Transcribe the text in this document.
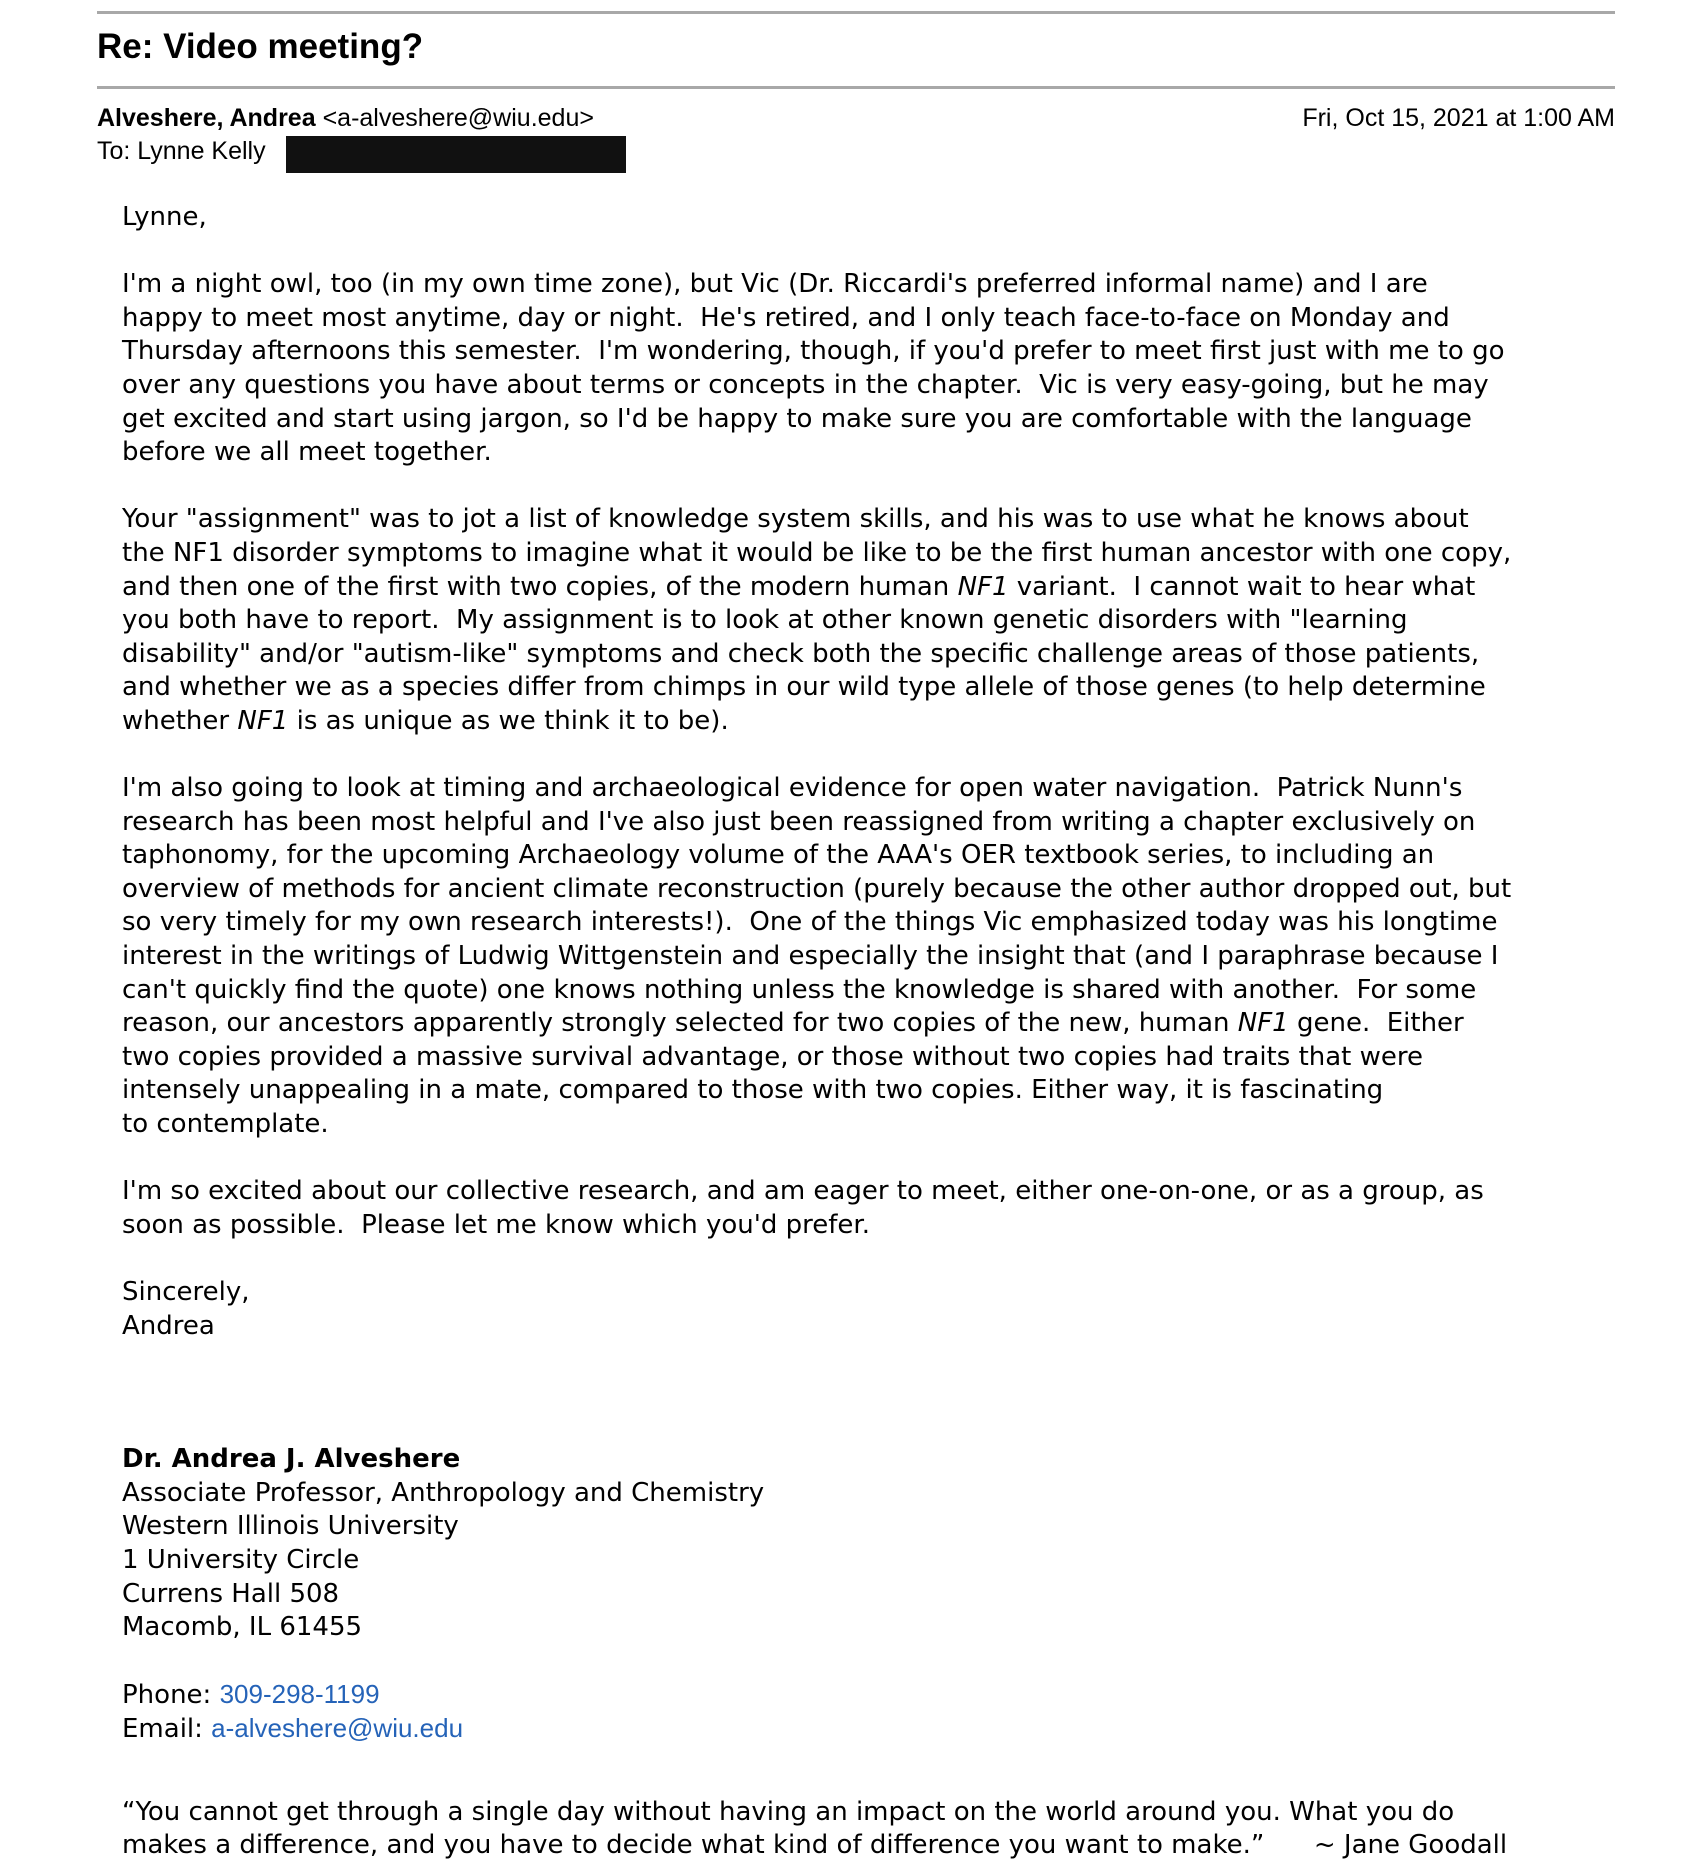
Re: Video meeting?
Alveshere, Andrea <a-alveshere@wiu.edu>	Fri, Oct 15, 2021 at 1:00 AM
To: Lynne Kelly
Lynne,
I'm a night owl, too (in my own time zone), but Vic (Dr. Riccardi's preferred informal name) and I are
happy to meet most anytime, day or night.  He's retired, and I only teach face-to-face on Monday and
Thursday afternoons this semester.  I'm wondering, though, if you'd prefer to meet first just with me to go
over any questions you have about terms or concepts in the chapter.  Vic is very easy-going, but he may
get excited and start using jargon, so I'd be happy to make sure you are comfortable with the language
before we all meet together.
Your "assignment" was to jot a list of knowledge system skills, and his was to use what he knows about
the NF1 disorder symptoms to imagine what it would be like to be the first human ancestor with one copy,
and then one of the first with two copies, of the modern human NF1 variant.  I cannot wait to hear what
you both have to report.  My assignment is to look at other known genetic disorders with "learning
disability" and/or "autism-like" symptoms and check both the specific challenge areas of those patients,
and whether we as a species differ from chimps in our wild type allele of those genes (to help determine
whether NF1 is as unique as we think it to be).
I'm also going to look at timing and archaeological evidence for open water navigation.  Patrick Nunn's
research has been most helpful and I've also just been reassigned from writing a chapter exclusively on
taphonomy, for the upcoming Archaeology volume of the AAA's OER textbook series, to including an
overview of methods for ancient climate reconstruction (purely because the other author dropped out, but
so very timely for my own research interests!).  One of the things Vic emphasized today was his longtime
interest in the writings of Ludwig Wittgenstein and especially the insight that (and I paraphrase because I
can't quickly find the quote) one knows nothing unless the knowledge is shared with another.  For some
reason, our ancestors apparently strongly selected for two copies of the new, human NF1 gene.  Either
two copies provided a massive survival advantage, or those without two copies had traits that were
intensely unappealing in a mate, compared to those with two copies. Either way, it is fascinating
to contemplate.
I'm so excited about our collective research, and am eager to meet, either one-on-one, or as a group, as
soon as possible.  Please let me know which you'd prefer.
Sincerely,
Andrea
Dr. Andrea J. Alveshere
Associate Professor, Anthropology and Chemistry
Western Illinois University
1 University Circle
Currens Hall 508
Macomb, IL 61455
Phone: 309-298-1199
Email: a-alveshere@wiu.edu
“You cannot get through a single day without having an impact on the world around you. What you do
makes a difference, and you have to decide what kind of difference you want to make.”      ~ Jane Goodall
